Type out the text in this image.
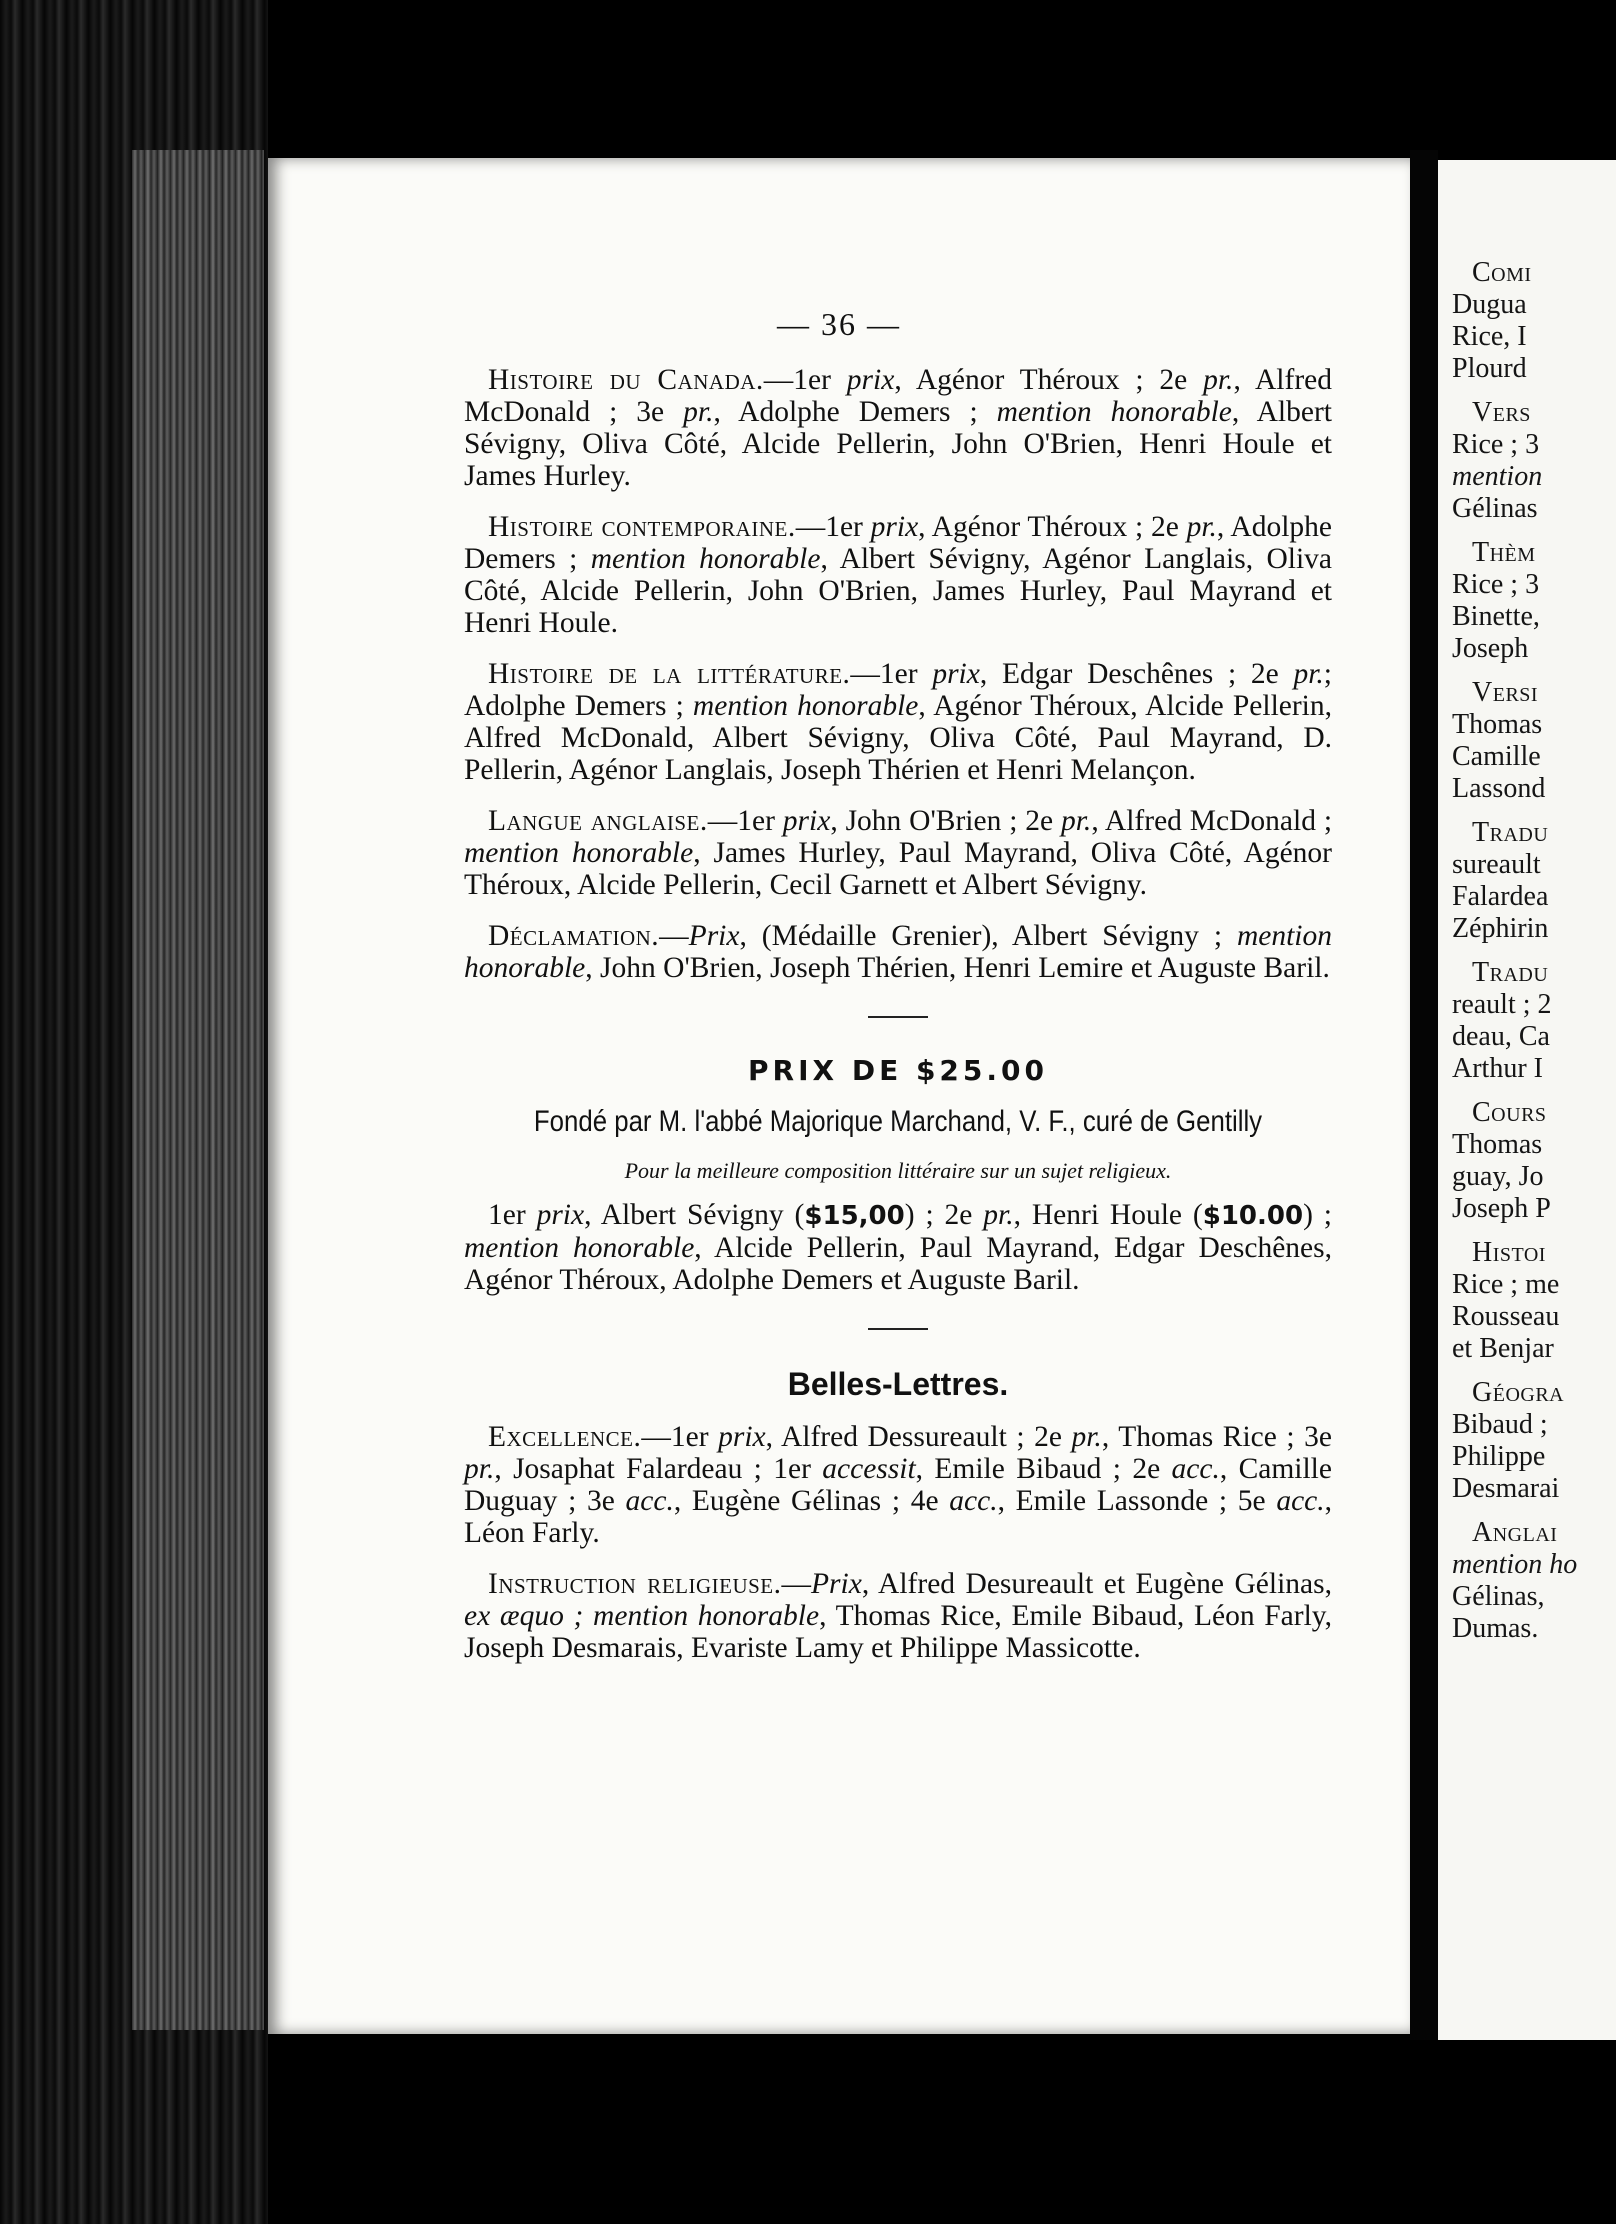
— 36 —

Histoire du Canada.—1er prix, Agénor Théroux ; 2e pr., Alfred McDonald ; 3e pr., Adolphe Demers ; mention honorable, Albert Sévigny, Oliva Côté, Alcide Pellerin, John O'Brien, Henri Houle et James Hurley.

Histoire contemporaine.—1er prix, Agénor Théroux ; 2e pr., Adolphe Demers ; mention honorable, Albert Sévigny, Agénor Langlais, Oliva Côté, Alcide Pellerin, John O'Brien, James Hurley, Paul Mayrand et Henri Houle.

Histoire de la littérature.—1er prix, Edgar Deschênes ; 2e pr.; Adolphe Demers ; mention honorable, Agénor Théroux, Alcide Pellerin, Alfred McDonald, Albert Sévigny, Oliva Côté, Paul Mayrand, D. Pellerin, Agénor Langlais, Joseph Thérien et Henri Melançon.

Langue anglaise.—1er prix, John O'Brien ; 2e pr., Alfred McDonald ; mention honorable, James Hurley, Paul Mayrand, Oliva Côté, Agénor Théroux, Alcide Pellerin, Cecil Garnett et Albert Sévigny.

Déclamation.—Prix, (Médaille Grenier), Albert Sévigny ; mention honorable, John O'Brien, Joseph Thérien, Henri Lemire et Auguste Baril.

PRIX DE $25.00
Fondé par M. l'abbé Majorique Marchand, V. F., curé de Gentilly
Pour la meilleure composition littéraire sur un sujet religieux.

1er prix, Albert Sévigny ($15,00) ; 2e pr., Henri Houle ($10.00) ; mention honorable, Alcide Pellerin, Paul Mayrand, Edgar Deschênes, Agénor Théroux, Adolphe Demers et Auguste Baril.

Belles-Lettres.

Excellence.—1er prix, Alfred Dessureault ; 2e pr., Thomas Rice ; 3e pr., Josaphat Falardeau ; 1er accessit, Emile Bibaud ; 2e acc., Camille Duguay ; 3e acc., Eugène Gélinas ; 4e acc., Emile Lassonde ; 5e acc., Léon Farly.

Instruction religieuse.—Prix, Alfred Desureault et Eugène Gélinas, ex æquo ; mention honorable, Thomas Rice, Emile Bibaud, Léon Farly, Joseph Desmarais, Evariste Lamy et Philippe Massicotte.

Comi
Dugua
Rice, I
Plourd
Vers
Rice ; 3
mention
Gélinas
Thèm
Rice ; 3
Binette,
Joseph
Versi
Thomas
Camille
Lassond
Tradu
sureault
Falardea
Zéphirin
Tradu
reault ; 2
deau, Ca
Arthur I
Cours
Thomas
guay, Jo
Joseph P
Histoi
Rice ; me
Rousseau
et Benjar
Géogra
Bibaud ;
Philippe
Desmarai
Anglai
mention ho
Gélinas,
Dumas.
